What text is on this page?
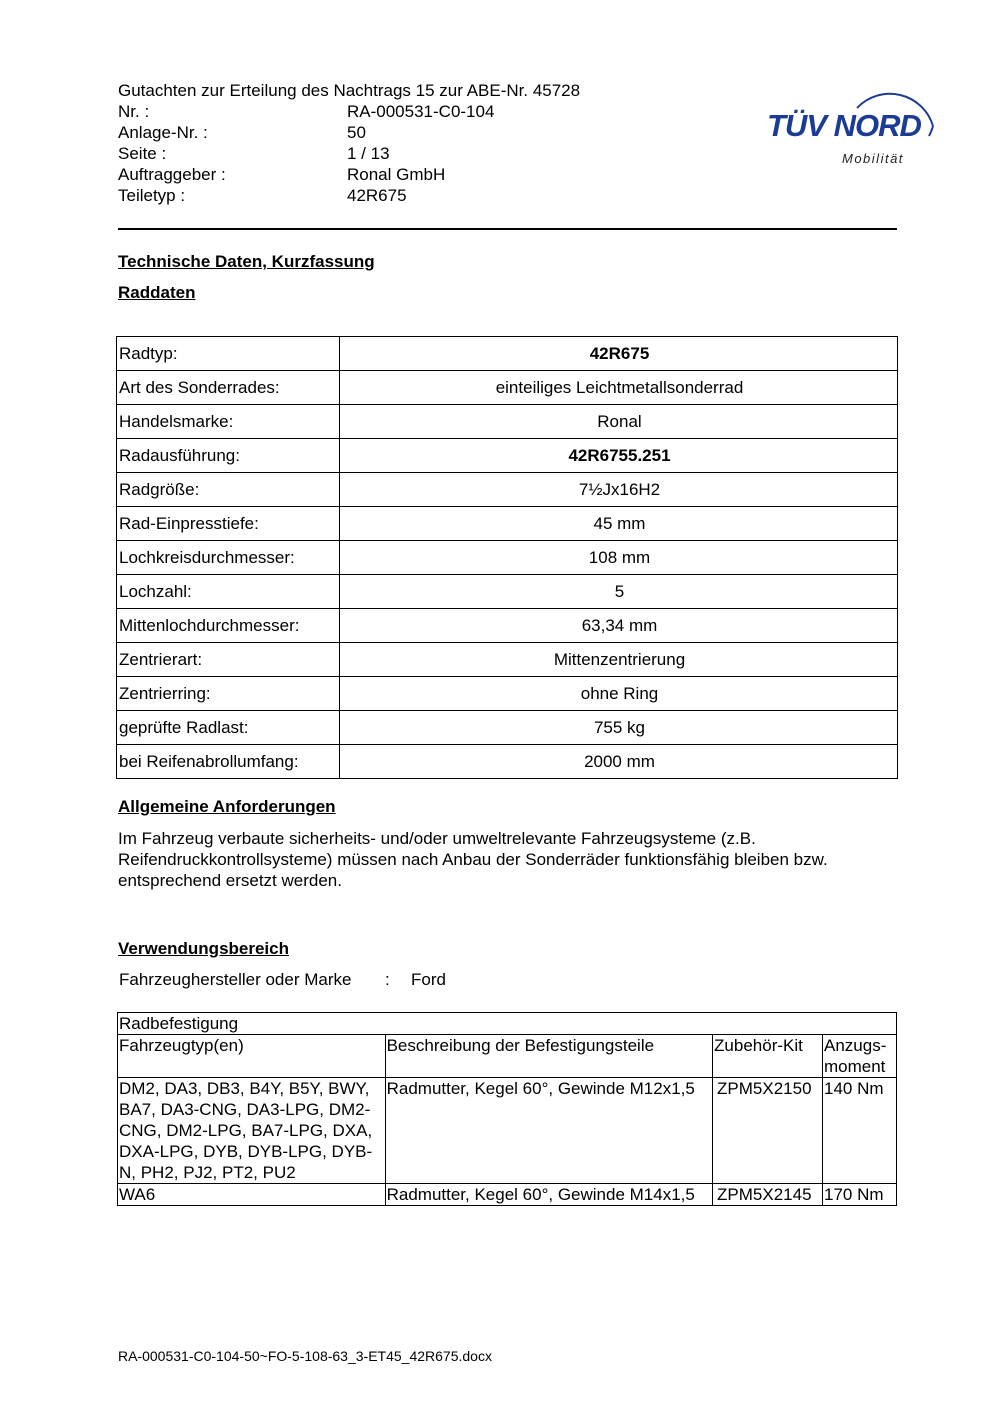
Gutachten zur Erteilung des Nachtrags 15 zur ABE-Nr. 45728
Nr. :	RA-000531-C0-104
Anlage-Nr. :	50
Seite :	1 / 13
Auftraggeber :	Ronal GmbH
Teiletyp :	42R675
TÜV NORD
Mobilität
Technische Daten, Kurzfassung
Raddaten
Radtyp:	42R675
Art des Sonderrades:	einteiliges Leichtmetallsonderrad
Handelsmarke:	Ronal
Radausführung:	42R6755.251
Radgröße:	7½Jx16H2
Rad-Einpresstiefe:	45 mm
Lochkreisdurchmesser:	108 mm
Lochzahl:	5
Mittenlochdurchmesser:	63,34 mm
Zentrierart:	Mittenzentrierung
Zentrierring:	ohne Ring
geprüfte Radlast:	755 kg
bei Reifenabrollumfang:	2000 mm
Allgemeine Anforderungen
Im Fahrzeug verbaute sicherheits- und/oder umweltrelevante Fahrzeugsysteme (z.B. Reifendruckkontrollsysteme) müssen nach Anbau der Sonderräder funktionsfähig bleiben bzw. entsprechend ersetzt werden.
Verwendungsbereich
Fahrzeughersteller oder Marke	:	Ford
Radbefestigung			
Fahrzeugtyp(en)	Beschreibung der Befestigungsteile	Zubehör-Kit	Anzugs-moment
DM2, DA3, DB3, B4Y, B5Y, BWY, BA7, DA3-CNG, DA3-LPG, DM2-CNG, DM2-LPG, BA7-LPG, DXA, DXA-LPG, DYB, DYB-LPG, DYB-N, PH2, PJ2, PT2, PU2	Radmutter, Kegel 60°, Gewinde M12x1,5	ZPM5X2150	140 Nm
WA6	Radmutter, Kegel 60°, Gewinde M14x1,5	ZPM5X2145	170 Nm
RA-000531-C0-104-50~FO-5-108-63_3-ET45_42R675.docx
